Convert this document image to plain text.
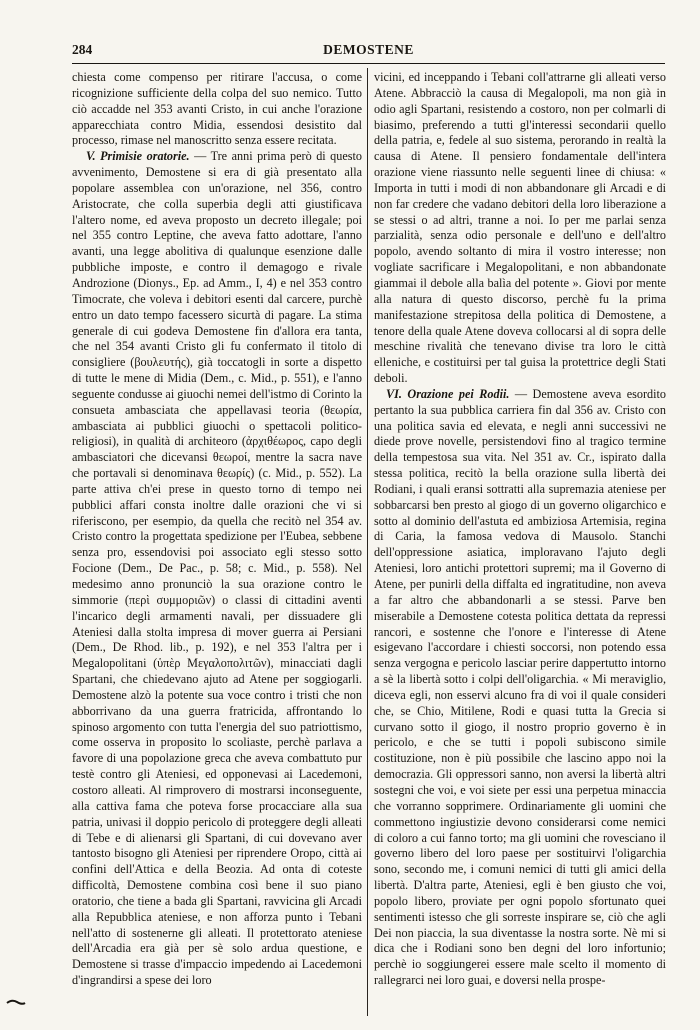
284	DEMOSTENE

chiesta come compenso per ritirare l'accusa, o come ricognizione sufficiente della colpa del suo nemico. Tutto ciò accadde nel 353 avanti Cristo, in cui anche l'orazione apparecchiata contro Midia, essendosi desistito dal processo, rimase nel manoscritto senza essere recitata.

V. Primisie oratorie. — Tre anni prima però di questo avvenimento, Demostene si era di già presentato alla popolare assemblea con un'orazione, nel 356, contro Aristocrate, che colla superbia degli atti giustificava l'altero nome, ed aveva proposto un decreto illegale; poi nel 355 contro Leptine, che aveva fatto adottare, l'anno avanti, una legge abolitiva di qualunque esenzione dalle pubbliche imposte, e contro il demagogo e rivale Androzione (Dionys., Ep. ad Amm., I, 4) e nel 353 contro Timocrate, che voleva i debitori esenti dal carcere, purchè entro un dato tempo facessero sicurtà di pagare. La stima generale di cui godeva Demostene fin d'allora era tanta, che nel 354 avanti Cristo gli fu confermato il titolo di consigliere (βουλευτής), già toccatogli in sorte a dispetto di tutte le mene di Midia (Dem., c. Mid., p. 551), e l'anno seguente condusse ai giuochi nemei dell'istmo di Corinto la consueta ambasciata che appellavasi teoria (θεωρία, ambasciata ai pubblici giuochi o spettacoli politico-religiosi), in qualità di architeoro (ἀρχιθέωρος, capo degli ambasciatori che dicevansi θεωροί, mentre la sacra nave che portavali si denominava θεωρίς) (c. Mid., p. 552). La parte attiva ch'ei prese in questo torno di tempo nei pubblici affari consta inoltre dalle orazioni che vi si riferiscono, per esempio, da quella che recitò nel 354 av. Cristo contro la progettata spedizione per l'Eubea, sebbene senza pro, essendovisi poi associato egli stesso sotto Focione (Dem., De Pac., p. 58; c. Mid., p. 558). Nel medesimo anno pronunciò la sua orazione contro le simmorie (περὶ συμμοριῶν) o classi di cittadini aventi l'incarico degli armamenti navali, per dissuadere gli Ateniesi dalla stolta impresa di mover guerra ai Persiani (Dem., De Rhod. lib., p. 192), e nel 353 l'altra per i Megalopolitani (ὑπὲρ Μεγαλοπολιτῶν), minacciati dagli Spartani, che chiedevano ajuto ad Atene per soggiogarli. Demostene alzò la potente sua voce contro i tristi che non abborrivano da una guerra fratricida, affrontando lo spinoso argomento con tutta l'energia del suo patriottismo, come osserva in proposito lo scoliaste, perchè parlava a favore di una popolazione greca che aveva combattuto pur testè contro gli Ateniesi, ed opponevasi ai Lacedemoni, costoro alleati. Al rimprovero di mostrarsi inconseguente, alla cattiva fama che poteva forse procacciare alla sua patria, univasi il doppio pericolo di proteggere degli alleati di Tebe e di alienarsi gli Spartani, di cui dovevano aver tantosto bisogno gli Ateniesi per riprendere Oropo, città ai confini dell'Attica e della Beozia. Ad onta di coteste difficoltà, Demostene combina così bene il suo piano oratorio, che tiene a bada gli Spartani, ravvicina gli Arcadi alla Repubblica ateniese, e non afforza punto i Tebani nell'atto di sostenerne gli alleati. Il protettorato ateniese dell'Arcadia era già per sè solo ardua questione, e Demostene si trasse d'impaccio impedendo ai Lacedemoni d'ingrandirsi a spese dei loro

vicini, ed inceppando i Tebani coll'attrarne gli alleati verso Atene. Abbracciò la causa di Megalopoli, ma non già in odio agli Spartani, resistendo a costoro, non per colmarli di biasimo, preferendo a tutti gl'interessi secondarii quello della patria, e, fedele al suo sistema, perorando in realtà la causa di Atene. Il pensiero fondamentale dell'intera orazione viene riassunto nelle seguenti linee di chiusa: « Importa in tutti i modi di non abbandonare gli Arcadi e di non far credere che vadano debitori della loro liberazione a se stessi o ad altri, tranne a noi. Io per me parlai senza parzialità, senza odio personale e dell'uno e dell'altro popolo, avendo soltanto di mira il vostro interesse; non vogliate sacrificare i Megalopolitani, e non abbandonate giammai il debole alla balìa del potente ». Giovi por mente alla natura di questo discorso, perchè fu la prima manifestazione strepitosa della politica di Demostene, a tenore della quale Atene doveva collocarsi al di sopra delle meschine rivalità che tenevano divise tra loro le città elleniche, e costituirsi per tal guisa la protettrice degli Stati deboli.

VI. Orazione pei Rodii. — Demostene aveva esordito pertanto la sua pubblica carriera fin dal 356 av. Cristo con una politica savia ed elevata, e negli anni successivi ne diede prove novelle, persistendovi fino al tragico termine della tempestosa sua vita. Nel 351 av. Cr., ispirato dalla stessa politica, recitò la bella orazione sulla libertà dei Rodiani, i quali eransi sottratti alla supremazia ateniese per sobbarcarsi ben presto al giogo di un governo oligarchico e sotto al dominio dell'astuta ed ambiziosa Artemisia, regina di Caria, la famosa vedova di Mausolo. Stanchi dell'oppressione asiatica, imploravano l'ajuto degli Ateniesi, loro antichi protettori supremi; ma il Governo di Atene, per punirli della diffalta ed ingratitudine, non aveva a far altro che abbandonarli a se stessi. Parve ben miserabile a Demostene cotesta politica dettata da repressi rancori, e sostenne che l'onore e l'interesse di Atene esigevano l'accordare i chiesti soccorsi, non potendo essa senza vergogna e pericolo lasciar perire dappertutto intorno a sè la libertà sotto i colpi dell'oligarchia. « Mi meraviglio, diceva egli, non esservi alcuno fra di voi il quale consideri che, se Chio, Mitilene, Rodi e quasi tutta la Grecia si curvano sotto il giogo, il nostro proprio governo è in pericolo, e che se tutti i popoli subiscono simile costituzione, non è più possibile che lascino appo noi la democrazia. Gli oppressori sanno, non aversi la libertà altri sostegni che voi, e voi siete per essi una perpetua minaccia che vorranno sopprimere. Ordinariamente gli uomini che commettono ingiustizie devono considerarsi come nemici di coloro a cui fanno torto; ma gli uomini che rovesciano il governo libero del loro paese per sostituirvi l'oligarchia sono, secondo me, i comuni nemici di tutti gli amici della libertà. D'altra parte, Ateniesi, egli è ben giusto che voi, popolo libero, proviate per ogni popolo sfortunato quei sentimenti istesso che gli sorreste inspirare se, ciò che agli Dei non piaccia, la sua diventasse la nostra sorte. Nè mi si dica che i Rodiani sono ben degni del loro infortunio; perchè io soggiungerei essere male scelto il momento di rallegrarci nei loro guai, e doversi nella prospe-
